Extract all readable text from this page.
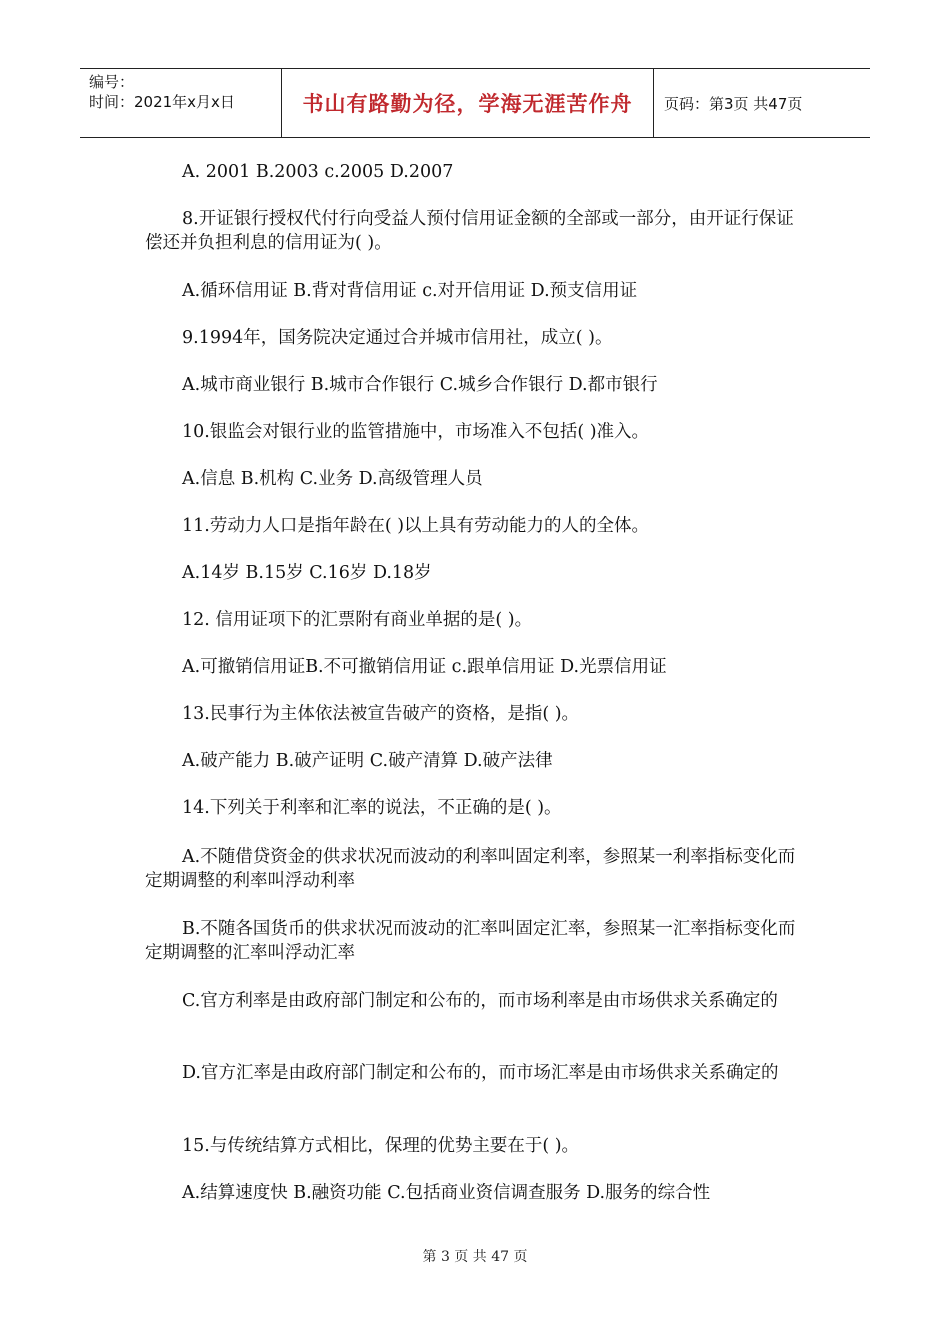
编号：
时间：2021年x月x日	书山有路勤为径，学海无涯苦作舟	页码：第3页 共47页

A. 2001 B.2003 c.2005 D.2007

8.开证银行授权代付行向受益人预付信用证金额的全部或一部分，由开证行保证偿还并负担利息的信用证为( )。

A.循环信用证 B.背对背信用证 c.对开信用证 D.预支信用证

9.1994年，国务院决定通过合并城市信用社，成立( )。

A.城市商业银行 B.城市合作银行 C.城乡合作银行 D.都市银行

10.银监会对银行业的监管措施中，市场准入不包括( )准入。

A.信息 B.机构 C.业务 D.高级管理人员

11.劳动力人口是指年龄在( )以上具有劳动能力的人的全体。

A.14岁 B.15岁 C.16岁 D.18岁

12. 信用证项下的汇票附有商业单据的是( )。

A.可撤销信用证B.不可撤销信用证 c.跟单信用证 D.光票信用证

13.民事行为主体依法被宣告破产的资格，是指( )。

A.破产能力 B.破产证明 C.破产清算 D.破产法律

14.下列关于利率和汇率的说法，不正确的是( )。

A.不随借贷资金的供求状况而波动的利率叫固定利率，参照某一利率指标变化而定期调整的利率叫浮动利率

B.不随各国货币的供求状况而波动的汇率叫固定汇率，参照某一汇率指标变化而定期调整的汇率叫浮动汇率

C.官方利率是由政府部门制定和公布的，而市场利率是由市场供求关系确定的

D.官方汇率是由政府部门制定和公布的，而市场汇率是由市场供求关系确定的

15.与传统结算方式相比，保理的优势主要在于( )。

A.结算速度快 B.融资功能 C.包括商业资信调查服务 D.服务的综合性

第 3 页 共 47 页
